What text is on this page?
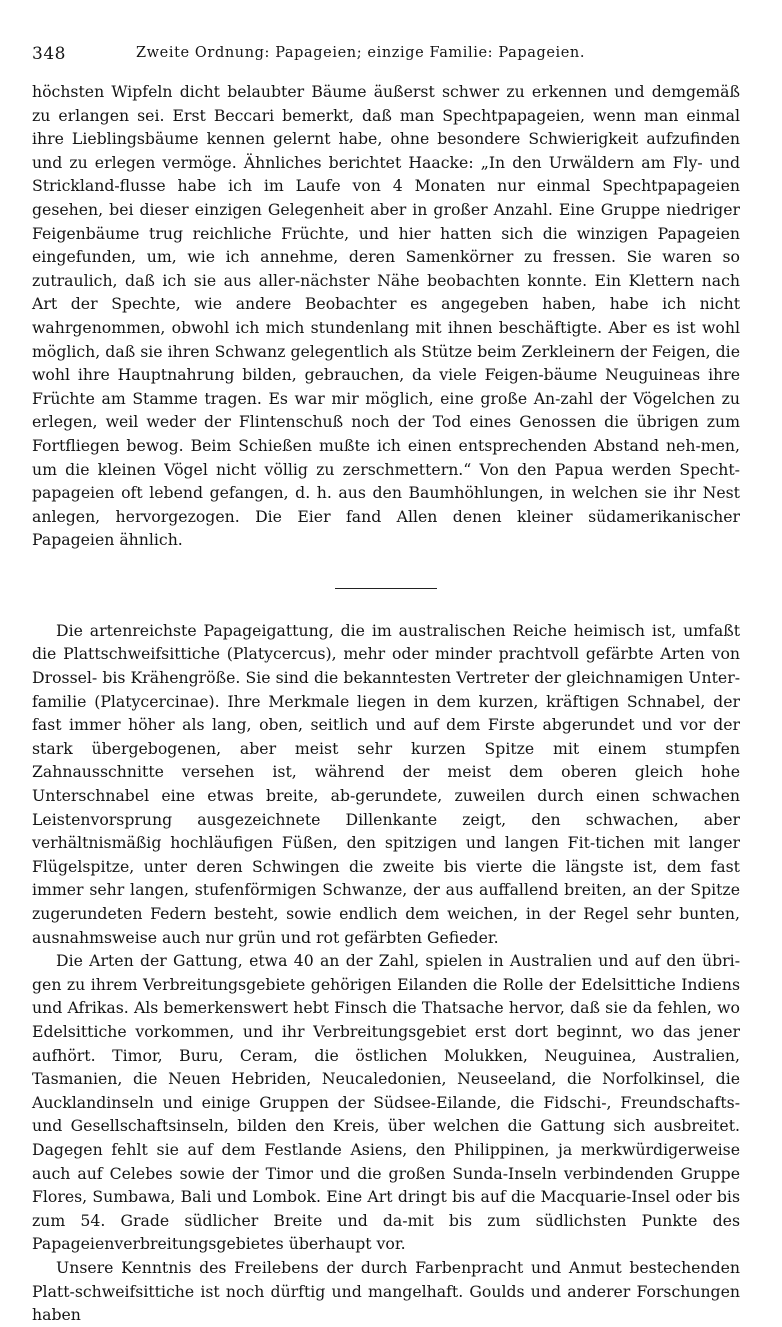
348	Zweite Ordnung: Papageien; einzige Familie: Papageien.

höchsten Wipfeln dicht belaubter Bäume äußerst schwer zu erkennen und demgemäß zu erlangen sei. Erst Beccari bemerkt, daß man Spechtpapageien, wenn man einmal ihre Lieblingsbäume kennen gelernt habe, ohne besondere Schwierigkeit aufzufinden und zu erlegen vermöge. Ähnliches berichtet Haacke: „In den Urwäldern am Fly- und Strickland-flusse habe ich im Laufe von 4 Monaten nur einmal Spechtpapageien gesehen, bei dieser einzigen Gelegenheit aber in großer Anzahl. Eine Gruppe niedriger Feigenbäume trug reichliche Früchte, und hier hatten sich die winzigen Papageien eingefunden, um, wie ich annehme, deren Samenkörner zu fressen. Sie waren so zutraulich, daß ich sie aus aller-nächster Nähe beobachten konnte. Ein Klettern nach Art der Spechte, wie andere Beobachter es angegeben haben, habe ich nicht wahrgenommen, obwohl ich mich stundenlang mit ihnen beschäftigte. Aber es ist wohl möglich, daß sie ihren Schwanz gelegentlich als Stütze beim Zerkleinern der Feigen, die wohl ihre Hauptnahrung bilden, gebrauchen, da viele Feigen-bäume Neuguineas ihre Früchte am Stamme tragen. Es war mir möglich, eine große An-zahl der Vögelchen zu erlegen, weil weder der Flintenschuß noch der Tod eines Genossen die übrigen zum Fortfliegen bewog. Beim Schießen mußte ich einen entsprechenden Abstand neh-men, um die kleinen Vögel nicht völlig zu zerschmettern.“ Von den Papua werden Specht-papageien oft lebend gefangen, d. h. aus den Baumhöhlungen, in welchen sie ihr Nest anlegen, hervorgezogen. Die Eier fand Allen denen kleiner südamerikanischer Papageien ähnlich.

Die artenreichste Papageigattung, die im australischen Reiche heimisch ist, umfaßt die Plattschweifsittiche (Platycercus), mehr oder minder prachtvoll gefärbte Arten von Drossel- bis Krähengröße. Sie sind die bekanntesten Vertreter der gleichnamigen Unter-familie (Platycercinae). Ihre Merkmale liegen in dem kurzen, kräftigen Schnabel, der fast immer höher als lang, oben, seitlich und auf dem Firste abgerundet und vor der stark übergebogenen, aber meist sehr kurzen Spitze mit einem stumpfen Zahnausschnitte versehen ist, während der meist dem oberen gleich hohe Unterschnabel eine etwas breite, ab-gerundete, zuweilen durch einen schwachen Leistenvorsprung ausgezeichnete Dillenkante zeigt, den schwachen, aber verhältnismäßig hochläufigen Füßen, den spitzigen und langen Fit-tichen mit langer Flügelspitze, unter deren Schwingen die zweite bis vierte die längste ist, dem fast immer sehr langen, stufenförmigen Schwanze, der aus auffallend breiten, an der Spitze zugerundeten Federn besteht, sowie endlich dem weichen, in der Regel sehr bunten, ausnahmsweise auch nur grün und rot gefärbten Gefieder.

Die Arten der Gattung, etwa 40 an der Zahl, spielen in Australien und auf den übri-gen zu ihrem Verbreitungsgebiete gehörigen Eilanden die Rolle der Edelsittiche Indiens und Afrikas. Als bemerkenswert hebt Finsch die Thatsache hervor, daß sie da fehlen, wo Edelsittiche vorkommen, und ihr Verbreitungsgebiet erst dort beginnt, wo das jener aufhört. Timor, Buru, Ceram, die östlichen Molukken, Neuguinea, Australien, Tasmanien, die Neuen Hebriden, Neucaledonien, Neuseeland, die Norfolkinsel, die Aucklandinseln und einige Gruppen der Südsee-Eilande, die Fidschi-, Freundschafts- und Gesellschaftsinseln, bilden den Kreis, über welchen die Gattung sich ausbreitet. Dagegen fehlt sie auf dem Festlande Asiens, den Philippinen, ja merkwürdigerweise auch auf Celebes sowie der Timor und die großen Sunda-Inseln verbindenden Gruppe Flores, Sumbawa, Bali und Lombok. Eine Art dringt bis auf die Macquarie-Insel oder bis zum 54. Grade südlicher Breite und da-mit bis zum südlichsten Punkte des Papageienverbreitungsgebietes überhaupt vor.

Unsere Kenntnis des Freilebens der durch Farbenpracht und Anmut bestechenden Platt-schweifsittiche ist noch dürftig und mangelhaft. Goulds und anderer Forschungen haben
